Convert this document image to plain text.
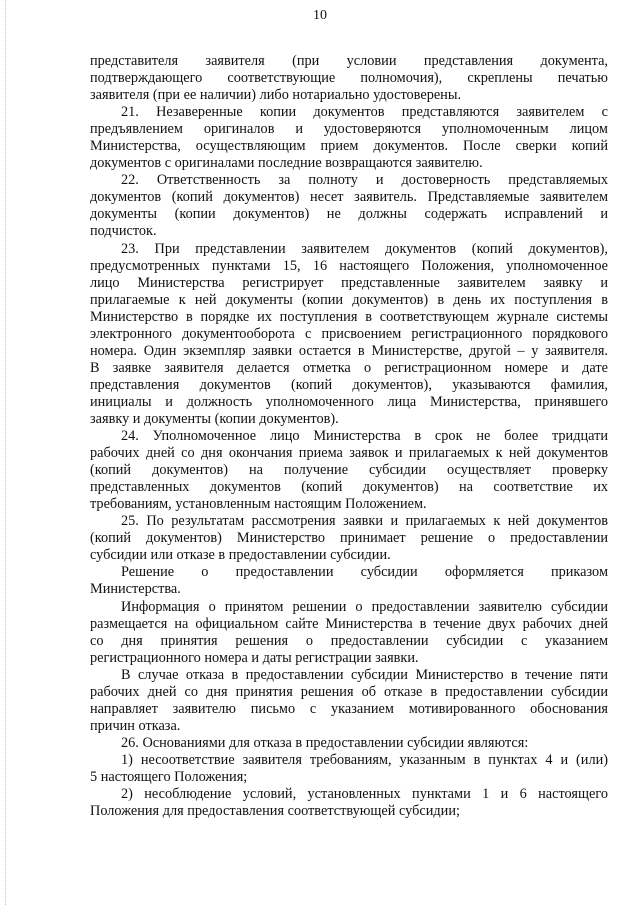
10

представителя заявителя (при условии представления документа,
подтверждающего соответствующие полномочия), скреплены печатью
заявителя (при ее наличии) либо нотариально удостоверены.

21. Незаверенные копии документов представляются заявителем с
предъявлением оригиналов и удостоверяются уполномоченным лицом
Министерства, осуществляющим прием документов. После сверки копий
документов с оригиналами последние возвращаются заявителю.

22. Ответственность за полноту и достоверность представляемых
документов (копий документов) несет заявитель. Представляемые заявителем
документы (копии документов) не должны содержать исправлений и
подчисток.

23. При представлении заявителем документов (копий документов),
предусмотренных пунктами 15, 16 настоящего Положения, уполномоченное
лицо Министерства регистрирует представленные заявителем заявку и
прилагаемые к ней документы (копии документов) в день их поступления в
Министерство в порядке их поступления в соответствующем журнале системы
электронного документооборота с присвоением регистрационного порядкового
номера. Один экземпляр заявки остается в Министерстве, другой – у заявителя.
В заявке заявителя делается отметка о регистрационном номере и дате
представления документов (копий документов), указываются фамилия,
инициалы и должность уполномоченного лица Министерства, принявшего
заявку и документы (копии документов).

24. Уполномоченное лицо Министерства в срок не более тридцати
рабочих дней со дня окончания приема заявок и прилагаемых к ней документов
(копий документов) на получение субсидии осуществляет проверку
представленных документов (копий документов) на соответствие их
требованиям, установленным настоящим Положением.

25. По результатам рассмотрения заявки и прилагаемых к ней документов
(копий документов) Министерство принимает решение о предоставлении
субсидии или отказе в предоставлении субсидии.

Решение о предоставлении субсидии оформляется приказом
Министерства.

Информация о принятом решении о предоставлении заявителю субсидии
размещается на официальном сайте Министерства в течение двух рабочих дней
со дня принятия решения о предоставлении субсидии с указанием
регистрационного номера и даты регистрации заявки.

В случае отказа в предоставлении субсидии Министерство в течение пяти
рабочих дней со дня принятия решения об отказе в предоставлении субсидии
направляет заявителю письмо с указанием мотивированного обоснования
причин отказа.

26. Основаниями для отказа в предоставлении субсидии являются:

1) несоответствие заявителя требованиям, указанным в пунктах 4 и (или)
5 настоящего Положения;

2) несоблюдение условий, установленных пунктами 1 и 6 настоящего
Положения для предоставления соответствующей субсидии;
